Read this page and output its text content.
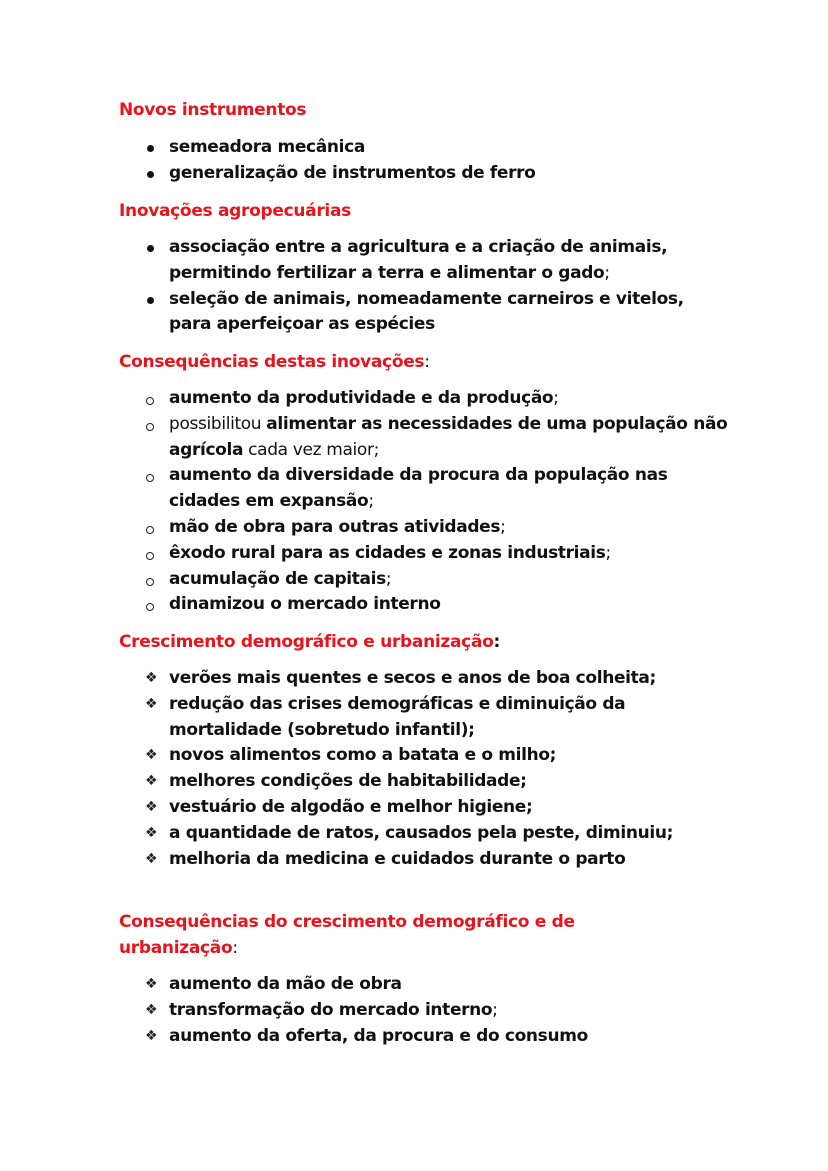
Novos instrumentos
semeadora mecânica
generalização de instrumentos de ferro
Inovações agropecuárias
associação entre a agricultura e a criação de animais, permitindo fertilizar a terra e alimentar o gado;
seleção de animais, nomeadamente carneiros e vitelos, para aperfeiçoar as espécies
Consequências destas inovações:
aumento da produtividade e da produção;
possibilitou alimentar as necessidades de uma população não agrícola cada vez maior;
aumento da diversidade da procura da população nas cidades em expansão;
mão de obra para outras atividades;
êxodo rural para as cidades e zonas industriais;
acumulação de capitais;
dinamizou o mercado interno
Crescimento demográfico e urbanização:
❖ verões mais quentes e secos e anos de boa colheita;
❖ redução das crises demográficas e diminuição da mortalidade (sobretudo infantil);
❖ novos alimentos como a batata e o milho;
❖ melhores condições de habitabilidade;
❖ vestuário de algodão e melhor higiene;
❖ a quantidade de ratos, causados pela peste, diminuiu;
❖ melhoria da medicina e cuidados durante o parto
Consequências do crescimento demográfico e de urbanização:
❖ aumento da mão de obra
❖ transformação do mercado interno;
❖ aumento da oferta, da procura e do consumo
